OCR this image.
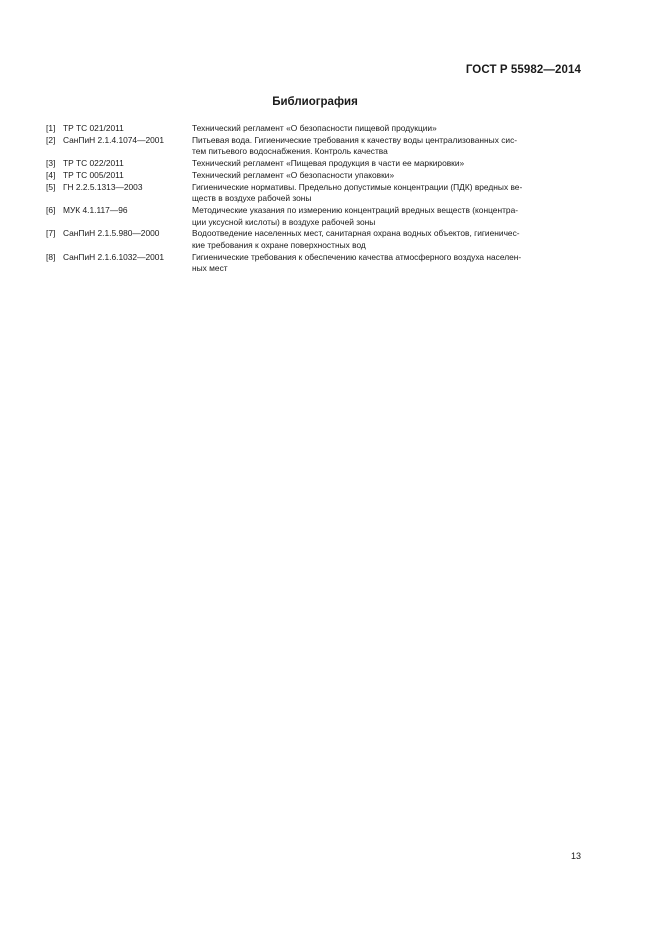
ГОСТ Р 55982—2014
Библиография
[1] ТР ТС 021/2011	Технический регламент «О безопасности пищевой продукции»
[2] СанПиН 2.1.4.1074—2001	Питьевая вода. Гигиенические требования к качеству воды централизованных сис-
тем питьевого водоснабжения. Контроль качества
[3] ТР ТС 022/2011	Технический регламент «Пищевая продукция в части ее маркировки»
[4] ТР ТС 005/2011	Технический регламент «О безопасности упаковки»
[5] ГН 2.2.5.1313—2003	Гигиенические нормативы. Предельно допустимые концентрации (ПДК) вредных ве-
ществ в воздухе рабочей зоны
[6] МУК 4.1.117—96	Методические указания по измерению концентраций вредных веществ (концентра-
ции уксусной кислоты) в воздухе рабочей зоны
[7] СанПиН 2.1.5.980—2000	Водоотведение населенных мест, санитарная охрана водных объектов, гигиеничес-
кие требования к охране поверхностных вод
[8] СанПиН 2.1.6.1032—2001	Гигиенические требования к обеспечению качества атмосферного воздуха населен-
ных мест
13
